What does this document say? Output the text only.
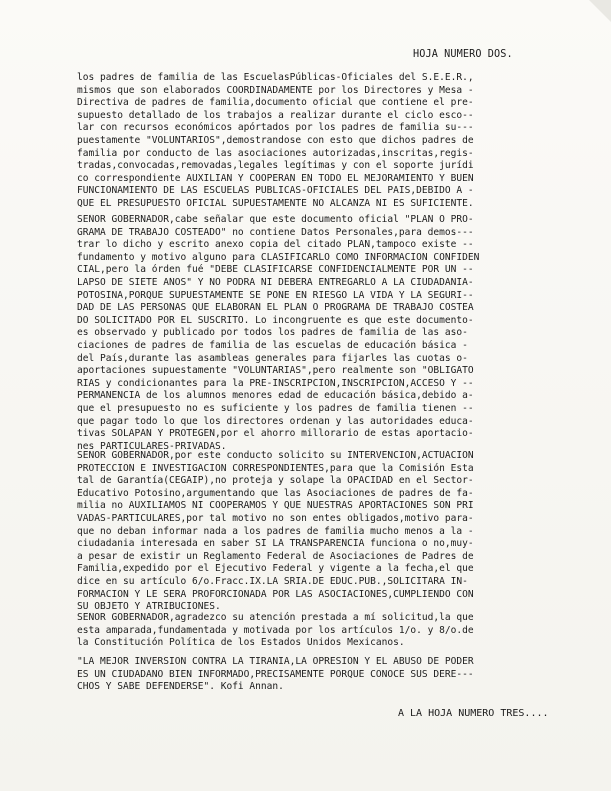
HOJA NUMERO DOS.
los padres de familia de las EscuelasPúblicas-Oficiales del S.E.E.R.,
mismos que son elaborados COORDINADAMENTE por los Directores y Mesa -
Directiva de padres de familia,documento oficial que contiene el pre-
supuesto detallado de los trabajos a realizar durante el ciclo esco--
lar con recursos económicos apórtados por los padres de familia su---
puestamente "VOLUNTARIOS",demostrandose con esto que dichos padres de
familia por conducto de las asociaciones autorizadas,inscritas,regis-
tradas,convocadas,removadas,legales legítimas y con el soporte jurídi
co correspondiente AUXILIAN Y COOPERAN EN TODO EL MEJORAMIENTO Y BUEN
FUNCIONAMIENTO DE LAS ESCUELAS PUBLICAS-OFICIALES DEL PAIS,DEBIDO A -
QUE EL PRESUPUESTO OFICIAL SUPUESTAMENTE NO ALCANZA NI ES SUFICIENTE.
SEÑOR GOBERNADOR,cabe señalar que este documento oficial "PLAN O PRO-
GRAMA DE TRABAJO COSTEADO" no contiene Datos Personales,para demos---
trar lo dicho y escrito anexo copia del citado PLAN,tampoco existe --
fundamento y motivo alguno para CLASIFICARLO COMO INFORMACION CONFIDEN
CIAL,pero la órden fué "DEBE CLASIFICARSE CONFIDENCIALMENTE POR UN --
LAPSO DE SIETE AÑOS" Y NO PODRA NI DEBERA ENTREGARLO A LA CIUDADANIA-
POTOSINA,PORQUE SUPUESTAMENTE SE PONE EN RIESGO LA VIDA Y LA SEGURI--
DAD DE LAS PERSONAS QUE ELABORAN EL PLAN O PROGRAMA DE TRABAJO COSTEA
DO SOLICITADO POR EL SUSCRITO. Lo incongruente es que este documento-
es observado y publicado por todos los padres de familia de las aso-
ciaciones de padres de familia de las escuelas de educación básica -
del País,durante las asambleas generales para fijarles las cuotas o-
aportaciones supuestamente "VOLUNTARIAS",pero realmente son "OBLIGATO
RIAS y condicionantes para la PRE-INSCRIPCION,INSCRIPCION,ACCESO Y --
PERMANENCIA de los alumnos menores edad de educación básica,debido a-
que el presupuesto no es suficiente y los padres de familia tienen --
que pagar todo lo que los directores ordenan y las autoridades educa-
tivas SOLAPAN Y PROTEGEN,por el ahorro millorario de estas aportacio-
nes PARTICULARES-PRIVADAS.
SEÑOR GOBERNADOR,por este conducto solicito su INTERVENCION,ACTUACION
PROTECCION E INVESTIGACION CORRESPONDIENTES,para que la Comisión Esta
tal de Garantía(CEGAIP),no proteja y solape la OPACIDAD en el Sector-
Educativo Potosino,argumentando que las Asociaciones de padres de fa-
milia no AUXILIAMOS NI COOPERAMOS Y QUE NUESTRAS APORTACIONES SON PRI
VADAS-PARTICULARES,por tal motivo no son entes obligados,motivo para-
que no deban informar nada a los padres de familia mucho menos a la -
ciudadania interesada en saber SI LA TRANSPARENCIA funciona o no,muy-
a pesar de existir un Reglamento Federal de Asociaciones de Padres de
Familia,expedido por el Ejecutivo Federal y vigente a la fecha,el que
dice en su artículo 6/o.Fracc.IX.LA SRIA.DE EDUC.PUB.,SOLICITARA IN-
FORMACION Y LE SERA PROFORCIONADA POR LAS ASOCIACIONES,CUMPLIENDO CON
SU OBJETO Y ATRIBUCIONES.
SEÑOR GOBERNADOR,agradezco su atención prestada a mí solicitud,la que
esta amparada,fundamentada y motivada por los artículos 1/o. y 8/o.de
la Constitución Política de los Estados Unidos Mexicanos.
"LA MEJOR INVERSION CONTRA LA TIRANIA,LA OPRESION Y EL ABUSO DE PODER
ES UN CIUDADANO BIEN INFORMADO,PRECISAMENTE PORQUE CONOCE SUS DERE---
CHOS Y SABE DEFENDERSE". Kofi Annan.
A LA HOJA NUMERO TRES....
